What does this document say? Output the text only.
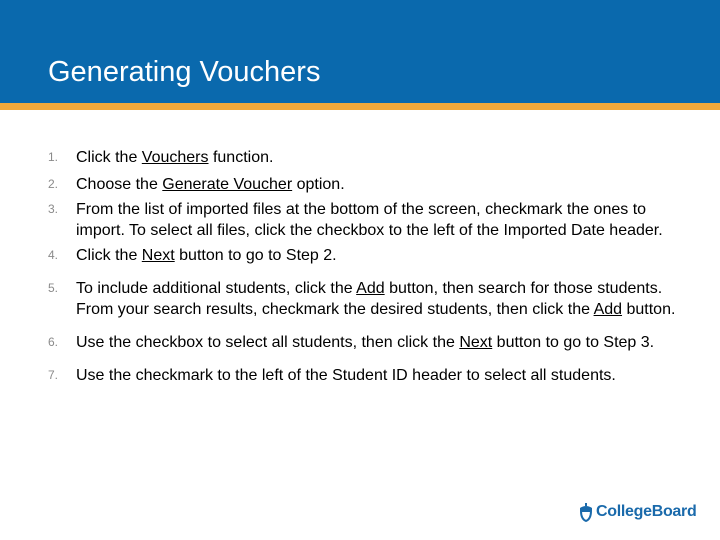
Generating Vouchers
1.	Click the Vouchers function.
2.	Choose the Generate Voucher option.
3.	From the list of imported files at the bottom of the screen, checkmark the ones to import. To select all files, click the checkbox to the left of the Imported Date header.
4.	Click the Next button to go to Step 2.
5.	To include additional students, click the Add button, then search for those students. From your search results, checkmark the desired students, then click the Add button.
6.	Use the checkbox to select all students, then click the Next button to go to Step 3.
7.	Use the checkmark to the left of the Student ID header to select all students.
CollegeBoard
